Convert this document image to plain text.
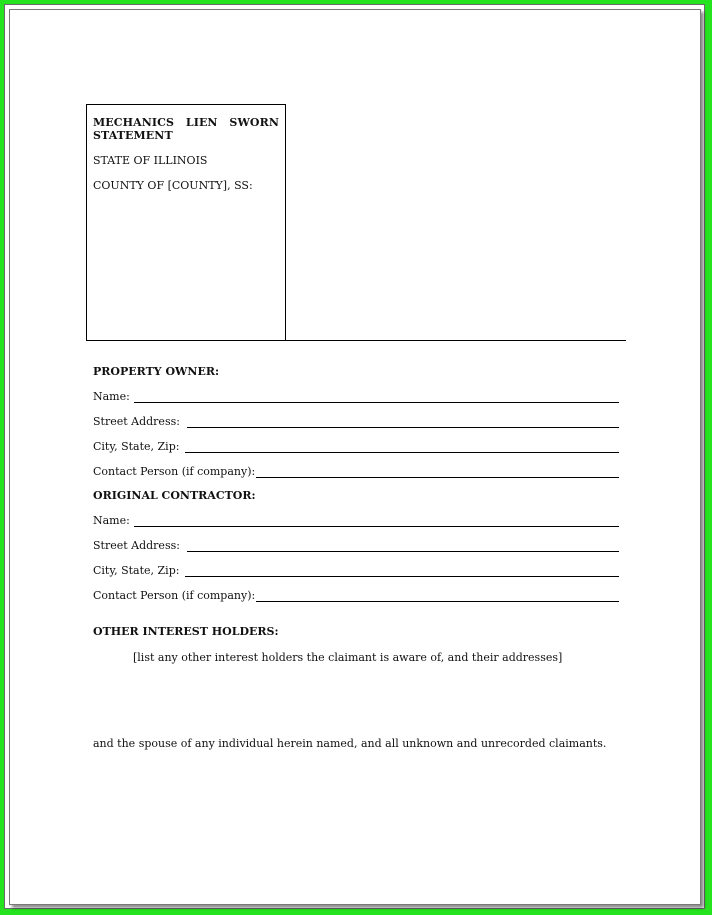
MECHANICS LIEN SWORN STATEMENT
STATE OF ILLINOIS
COUNTY OF [COUNTY], SS:
PROPERTY OWNER:
Name:
Street Address:
City, State, Zip:
Contact Person (if company):
ORIGINAL CONTRACTOR:
Name:
Street Address:
City, State, Zip:
Contact Person (if company):
OTHER INTEREST HOLDERS:
[list any other interest holders the claimant is aware of, and their addresses]
and the spouse of any individual herein named, and all unknown and unrecorded claimants.
